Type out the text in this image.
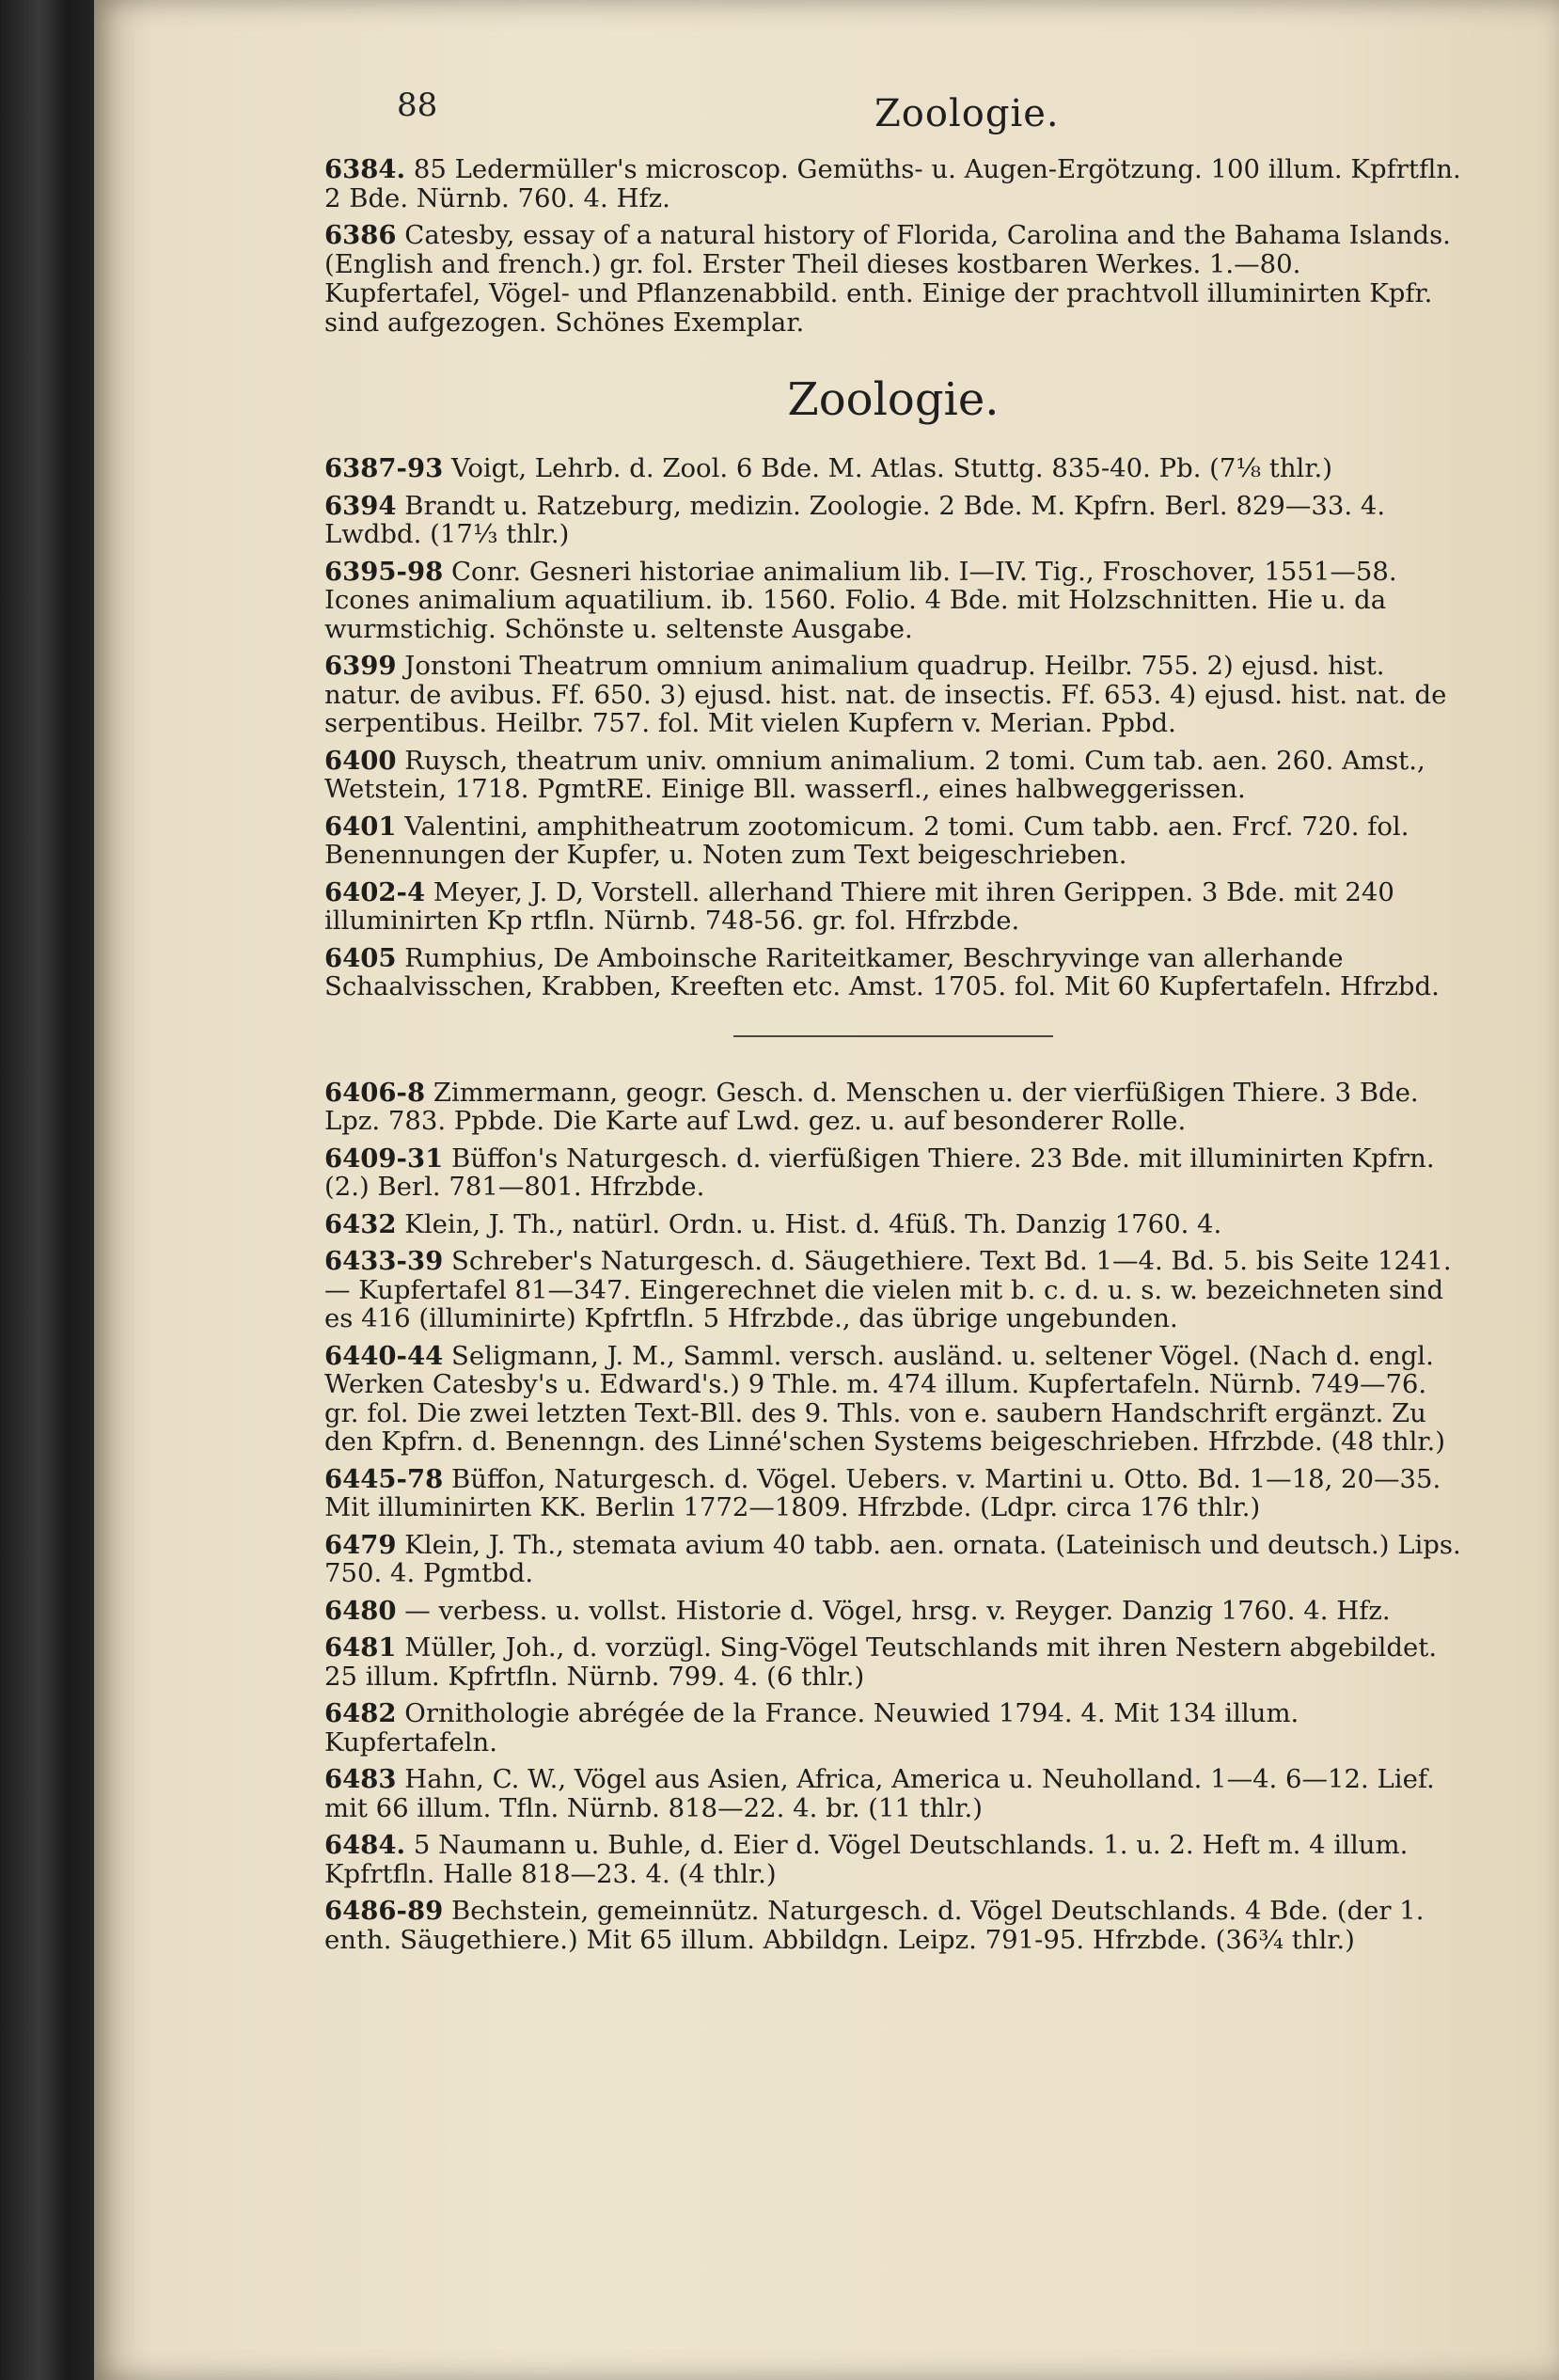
88	Zoologie.

6384. 85 Ledermüller's microscop. Gemüths- u. Augen-Ergötzung. 100 illum. Kpfrtfln. 2 Bde. Nürnb. 760. 4. Hfz.

6386 Catesby, essay of a natural history of Florida, Carolina and the Bahama Islands. (English and french.) gr. fol. Erster Theil dieses kostbaren Werkes. 1.—80. Kupfertafel, Vögel- und Pflanzenabbild. enth. Einige der prachtvoll illuminirten Kpfr. sind aufgezogen. Schönes Exemplar.

Zoologie.

6387-93 Voigt, Lehrb. d. Zool. 6 Bde. M. Atlas. Stuttg. 835-40. Pb. (7⅛ thlr.)

6394 Brandt u. Ratzeburg, medizin. Zoologie. 2 Bde. M. Kpfrn. Berl. 829—33. 4. Lwdbd. (17⅓ thlr.)

6395-98 Conr. Gesneri historiae animalium lib. I—IV. Tig., Froschover, 1551—58. Icones animalium aquatilium. ib. 1560. Folio. 4 Bde. mit Holzschnitten. Hie u. da wurmstichig. Schönste u. seltenste Ausgabe.

6399 Jonstoni Theatrum omnium animalium quadrup. Heilbr. 755. 2) ejusd. hist. natur. de avibus. Ff. 650. 3) ejusd. hist. nat. de insectis. Ff. 653. 4) ejusd. hist. nat. de serpentibus. Heilbr. 757. fol. Mit vielen Kupfern v. Merian. Ppbd.

6400 Ruysch, theatrum univ. omnium animalium. 2 tomi. Cum tab. aen. 260. Amst., Wetstein, 1718. PgmtRE. Einige Bll. wasserfl., eines halbweggerissen.

6401 Valentini, amphitheatrum zootomicum. 2 tomi. Cum tabb. aen. Frcf. 720. fol. Benennungen der Kupfer, u. Noten zum Text beigeschrieben.

6402-4 Meyer, J. D, Vorstell. allerhand Thiere mit ihren Gerippen. 3 Bde. mit 240 illuminirten Kp rtfln. Nürnb. 748-56. gr. fol. Hfrzbde.

6405 Rumphius, De Amboinsche Rariteitkamer, Beschryvinge van allerhande Schaalvisschen, Krabben, Kreeften etc. Amst. 1705. fol. Mit 60 Kupfertafeln. Hfrzbd.

6406-8 Zimmermann, geogr. Gesch. d. Menschen u. der vierfüßigen Thiere. 3 Bde. Lpz. 783. Ppbde. Die Karte auf Lwd. gez. u. auf besonderer Rolle.

6409-31 Büffon's Naturgesch. d. vierfüßigen Thiere. 23 Bde. mit illuminirten Kpfrn. (2.) Berl. 781—801. Hfrzbde.

6432 Klein, J. Th., natürl. Ordn. u. Hist. d. 4füß. Th. Danzig 1760. 4.

6433-39 Schreber's Naturgesch. d. Säugethiere. Text Bd. 1—4. Bd. 5. bis Seite 1241. — Kupfertafel 81—347. Eingerechnet die vielen mit b. c. d. u. s. w. bezeichneten sind es 416 (illuminirte) Kpfrtfln. 5 Hfrzbde., das übrige ungebunden.

6440-44 Seligmann, J. M., Samml. versch. ausländ. u. seltener Vögel. (Nach d. engl. Werken Catesby's u. Edward's.) 9 Thle. m. 474 illum. Kupfertafeln. Nürnb. 749—76. gr. fol. Die zwei letzten Text-Bll. des 9. Thls. von e. saubern Handschrift ergänzt. Zu den Kpfrn. d. Benenngn. des Linné'schen Systems beigeschrieben. Hfrzbde. (48 thlr.)

6445-78 Büffon, Naturgesch. d. Vögel. Uebers. v. Martini u. Otto. Bd. 1—18, 20—35. Mit illuminirten KK. Berlin 1772—1809. Hfrzbde. (Ldpr. circa 176 thlr.)

6479 Klein, J. Th., stemata avium 40 tabb. aen. ornata. (Lateinisch und deutsch.) Lips. 750. 4. Pgmtbd.

6480 — verbess. u. vollst. Historie d. Vögel, hrsg. v. Reyger. Danzig 1760. 4. Hfz.

6481 Müller, Joh., d. vorzügl. Sing-Vögel Teutschlands mit ihren Nestern abgebildet. 25 illum. Kpfrtfln. Nürnb. 799. 4. (6 thlr.)

6482 Ornithologie abrégée de la France. Neuwied 1794. 4. Mit 134 illum. Kupfertafeln.

6483 Hahn, C. W., Vögel aus Asien, Africa, America u. Neuholland. 1—4. 6—12. Lief. mit 66 illum. Tfln. Nürnb. 818—22. 4. br. (11 thlr.)

6484. 5 Naumann u. Buhle, d. Eier d. Vögel Deutschlands. 1. u. 2. Heft m. 4 illum. Kpfrtfln. Halle 818—23. 4. (4 thlr.)

6486-89 Bechstein, gemeinnütz. Naturgesch. d. Vögel Deutschlands. 4 Bde. (der 1. enth. Säugethiere.) Mit 65 illum. Abbildgn. Leipz. 791-95. Hfrzbde. (36¾ thlr.)
